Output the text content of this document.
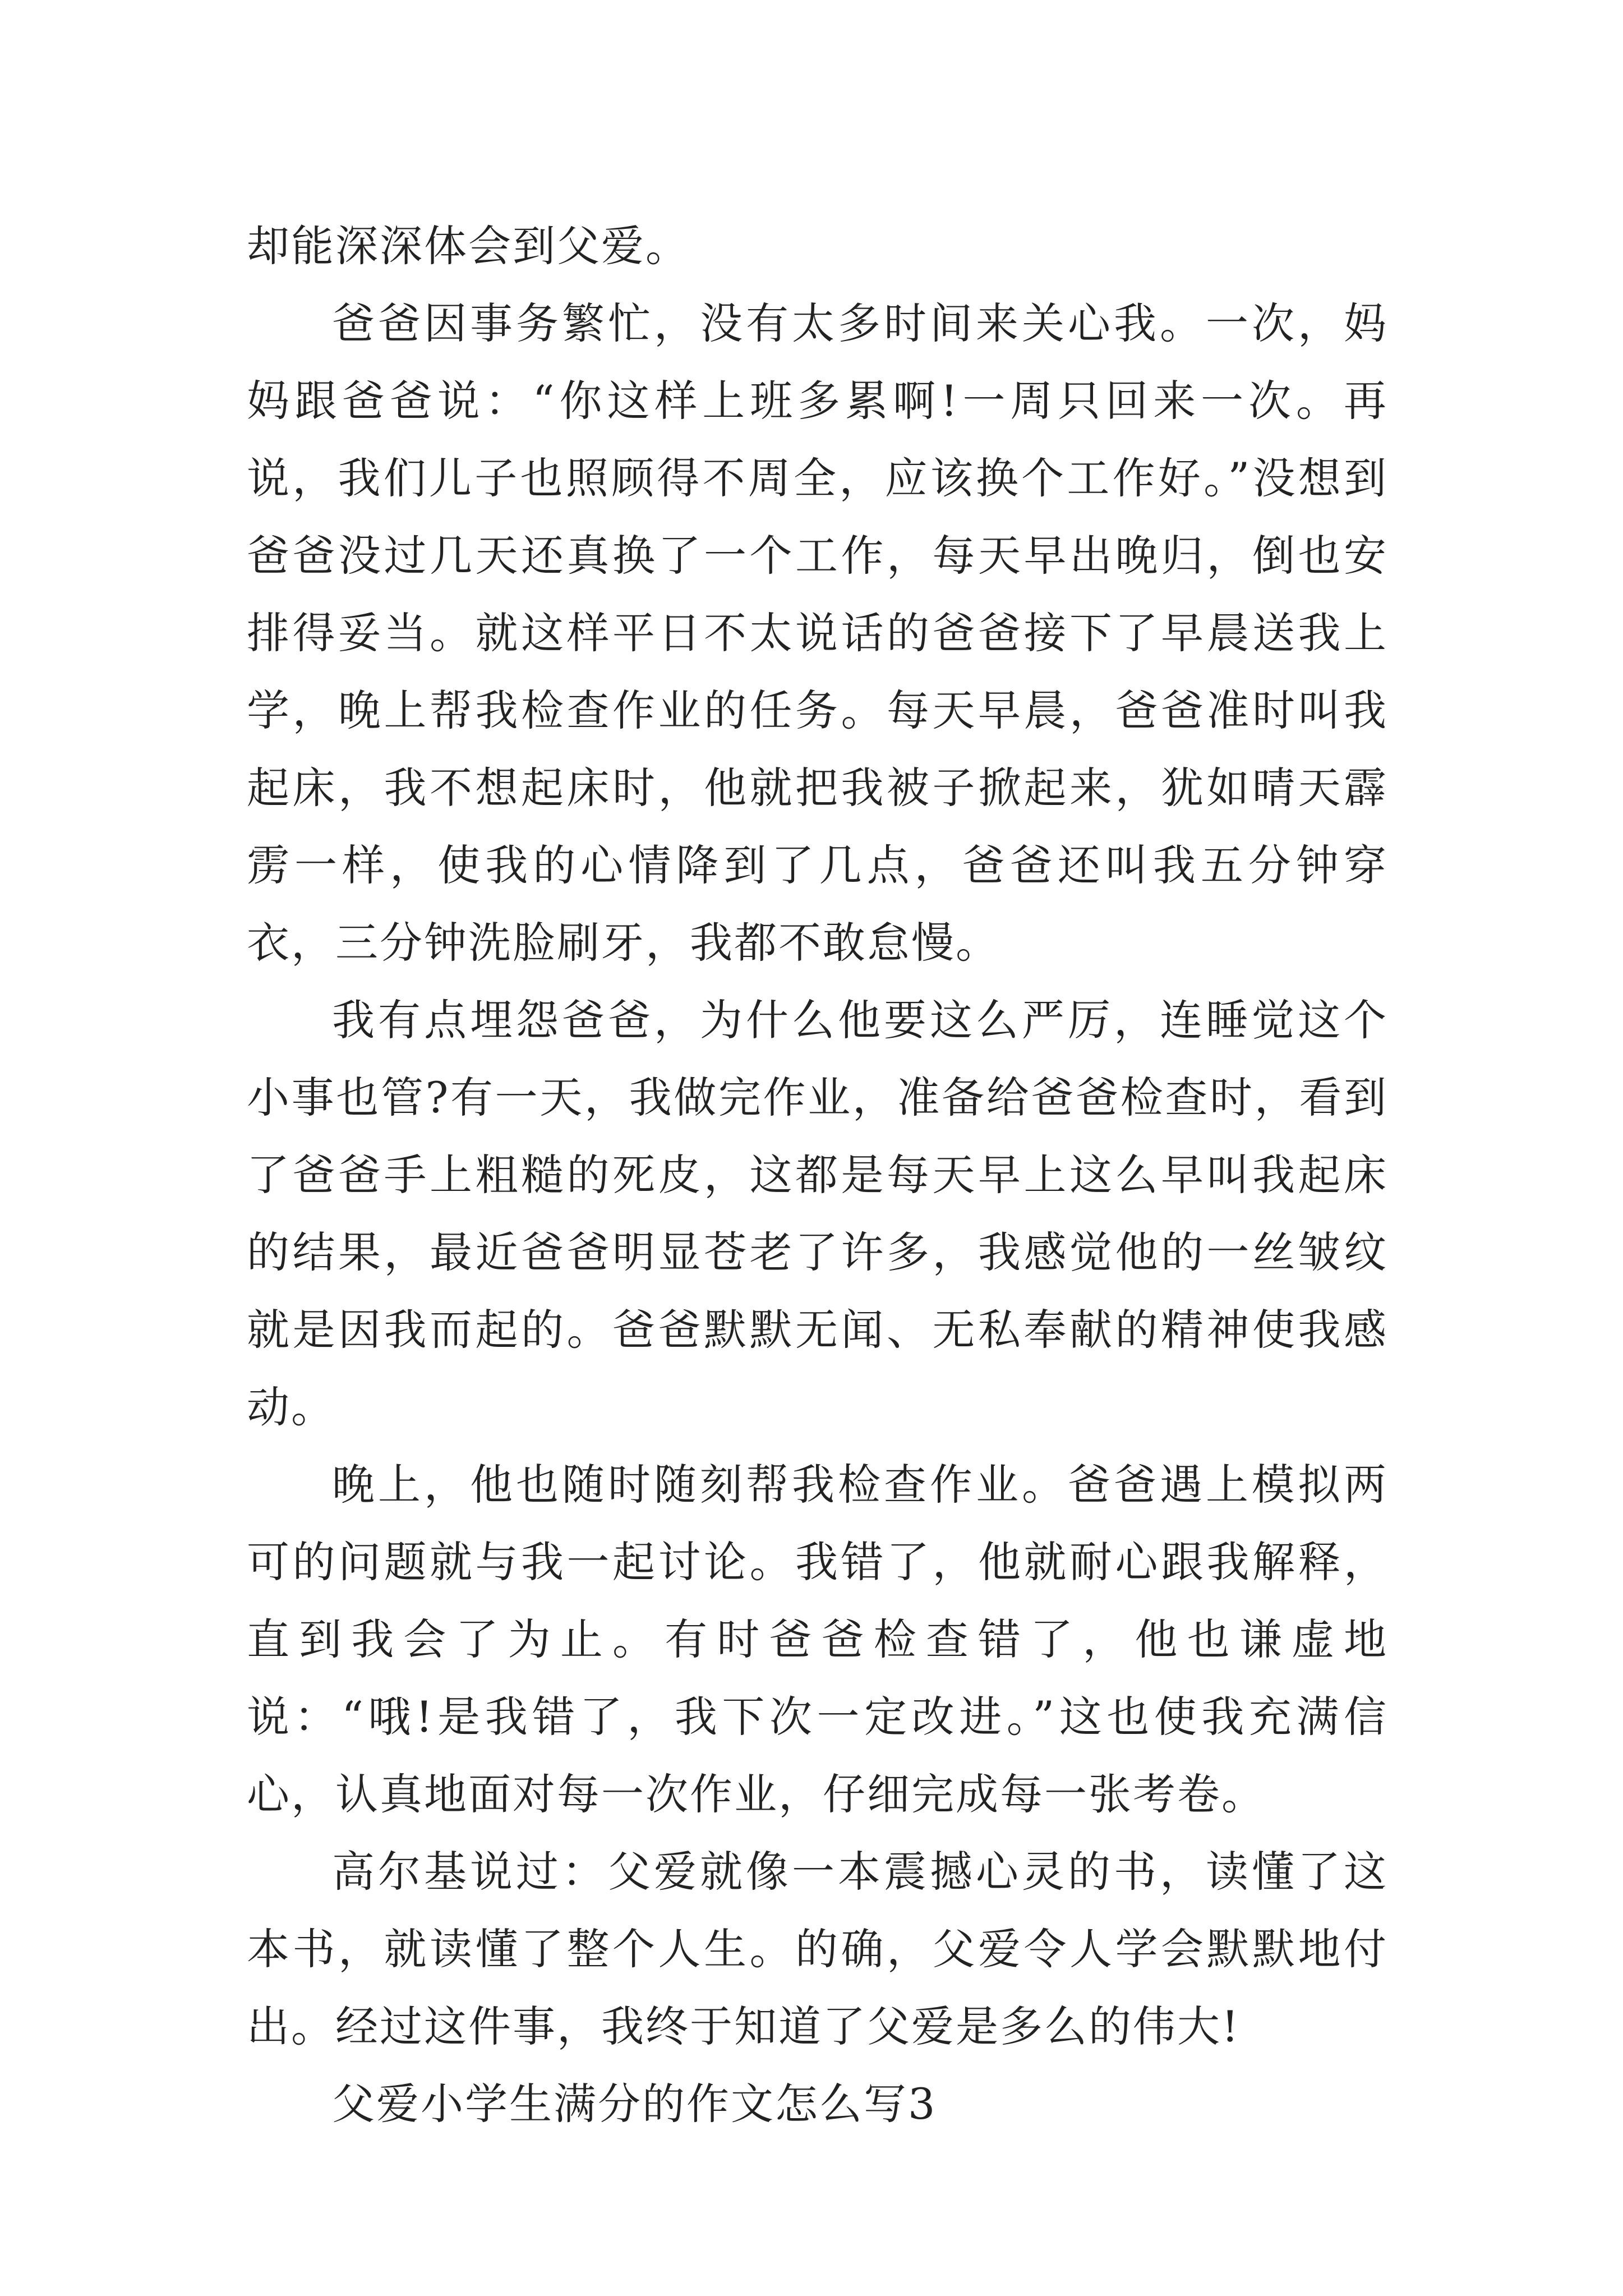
却能深深体会到父爱。

爸爸因事务繁忙，没有太多时间来关心我。一次，妈妈跟爸爸说：“你这样上班多累啊!一周只回来一次。再说，我们儿子也照顾得不周全，应该换个工作好。”没想到爸爸没过几天还真换了一个工作，每天早出晚归，倒也安排得妥当。就这样平日不太说话的爸爸接下了早晨送我上学，晚上帮我检查作业的任务。每天早晨，爸爸准时叫我起床，我不想起床时，他就把我被子掀起来，犹如晴天霹雳一样，使我的心情降到了几点，爸爸还叫我五分钟穿衣，三分钟洗脸刷牙，我都不敢怠慢。

我有点埋怨爸爸，为什么他要这么严厉，连睡觉这个小事也管?有一天，我做完作业，准备给爸爸检查时，看到了爸爸手上粗糙的死皮，这都是每天早上这么早叫我起床的结果，最近爸爸明显苍老了许多，我感觉他的一丝皱纹就是因我而起的。爸爸默默无闻、无私奉献的精神使我感动。

晚上，他也随时随刻帮我检查作业。爸爸遇上模拟两可的问题就与我一起讨论。我错了，他就耐心跟我解释，直到我会了为止。有时爸爸检查错了，他也谦虚地说：“哦!是我错了，我下次一定改进。”这也使我充满信心，认真地面对每一次作业，仔细完成每一张考卷。

高尔基说过：父爱就像一本震撼心灵的书，读懂了这本书，就读懂了整个人生。的确，父爱令人学会默默地付出。经过这件事，我终于知道了父爱是多么的伟大!

父爱小学生满分的作文怎么写3
